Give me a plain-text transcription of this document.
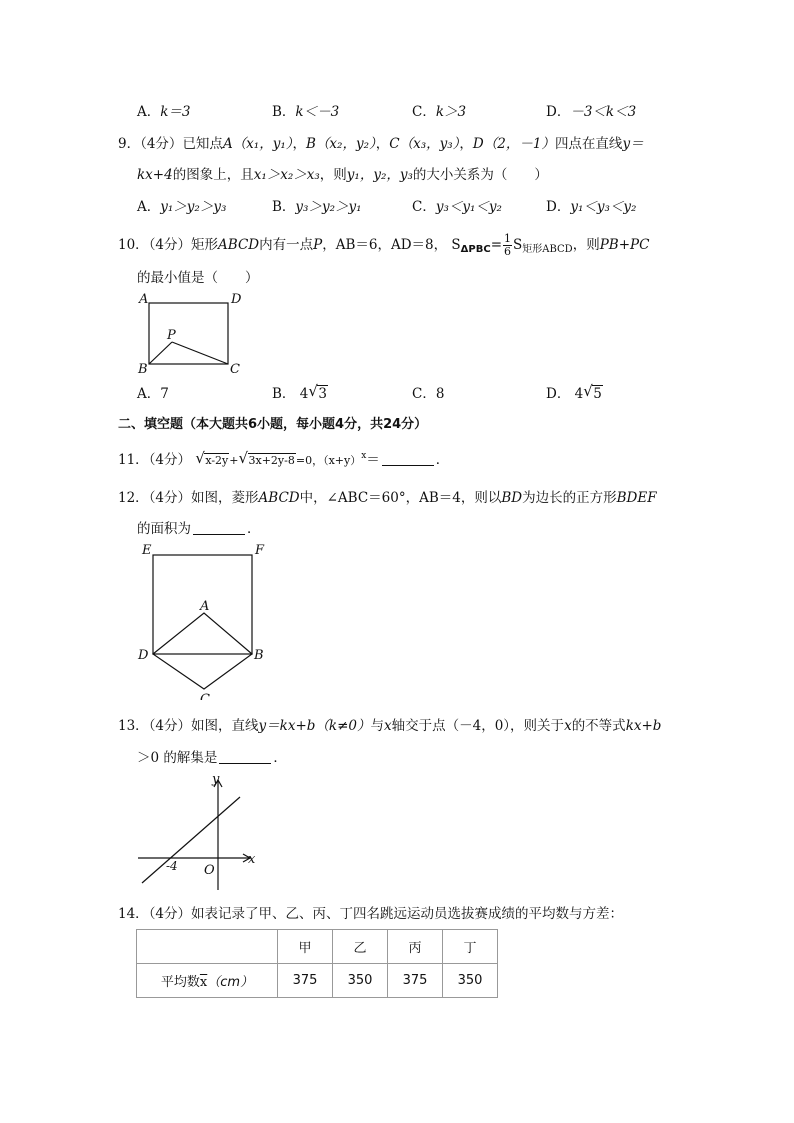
A．k＝3	B．k＜－3	C．k＞3	D．－3＜k＜3
9．（4分）已知点A（x₁，y₁），B（x₂，y₂），C（x₃，y₃），D（2，－1）四点在直线y＝
kx+4的图象上，且x₁＞x₂＞x₃，则y₁，y₂，y₃的大小关系为（　　）
A．y₁＞y₂＞y₃	B．y₃＞y₂＞y₁	C．y₃＜y₁＜y₂	D．y₁＜y₃＜y₂
10．（4分）矩形ABCD内有一点P，AB＝6，AD＝8， $S_{\Delta PBC}= \frac{1}{6} S_{矩形ABCD}$，则PB+PC
的最小值是（　　）
A	D
P
B	C
A．7	B． 4 √ 3	C．8	D． 4 √ 5
二、填空题（本大题共6小题，每小题4分，共24分）
11．（4分） √ x-2y+ √ 3x+2y-8=0，$(x+y)^x=$	．
12．（4分）如图，菱形ABCD中，∠ABC＝60°，AB＝4，则以BD为边长的正方形BDEF
的面积为	．
E	F
A
D	B
C
13．（4分）如图，直线y＝kx+b（k≠0）与x轴交于点（－4，0），则关于x的不等式kx+b
＞0 的解集是	．
y
x
O
-4
14．（4分）如表记录了甲、乙、丙、丁四名跳远运动员选拔赛成绩的平均数与方差：
	甲	乙	丙	丁
平均数$\overline{x}(cm)$	375	350	375	350
